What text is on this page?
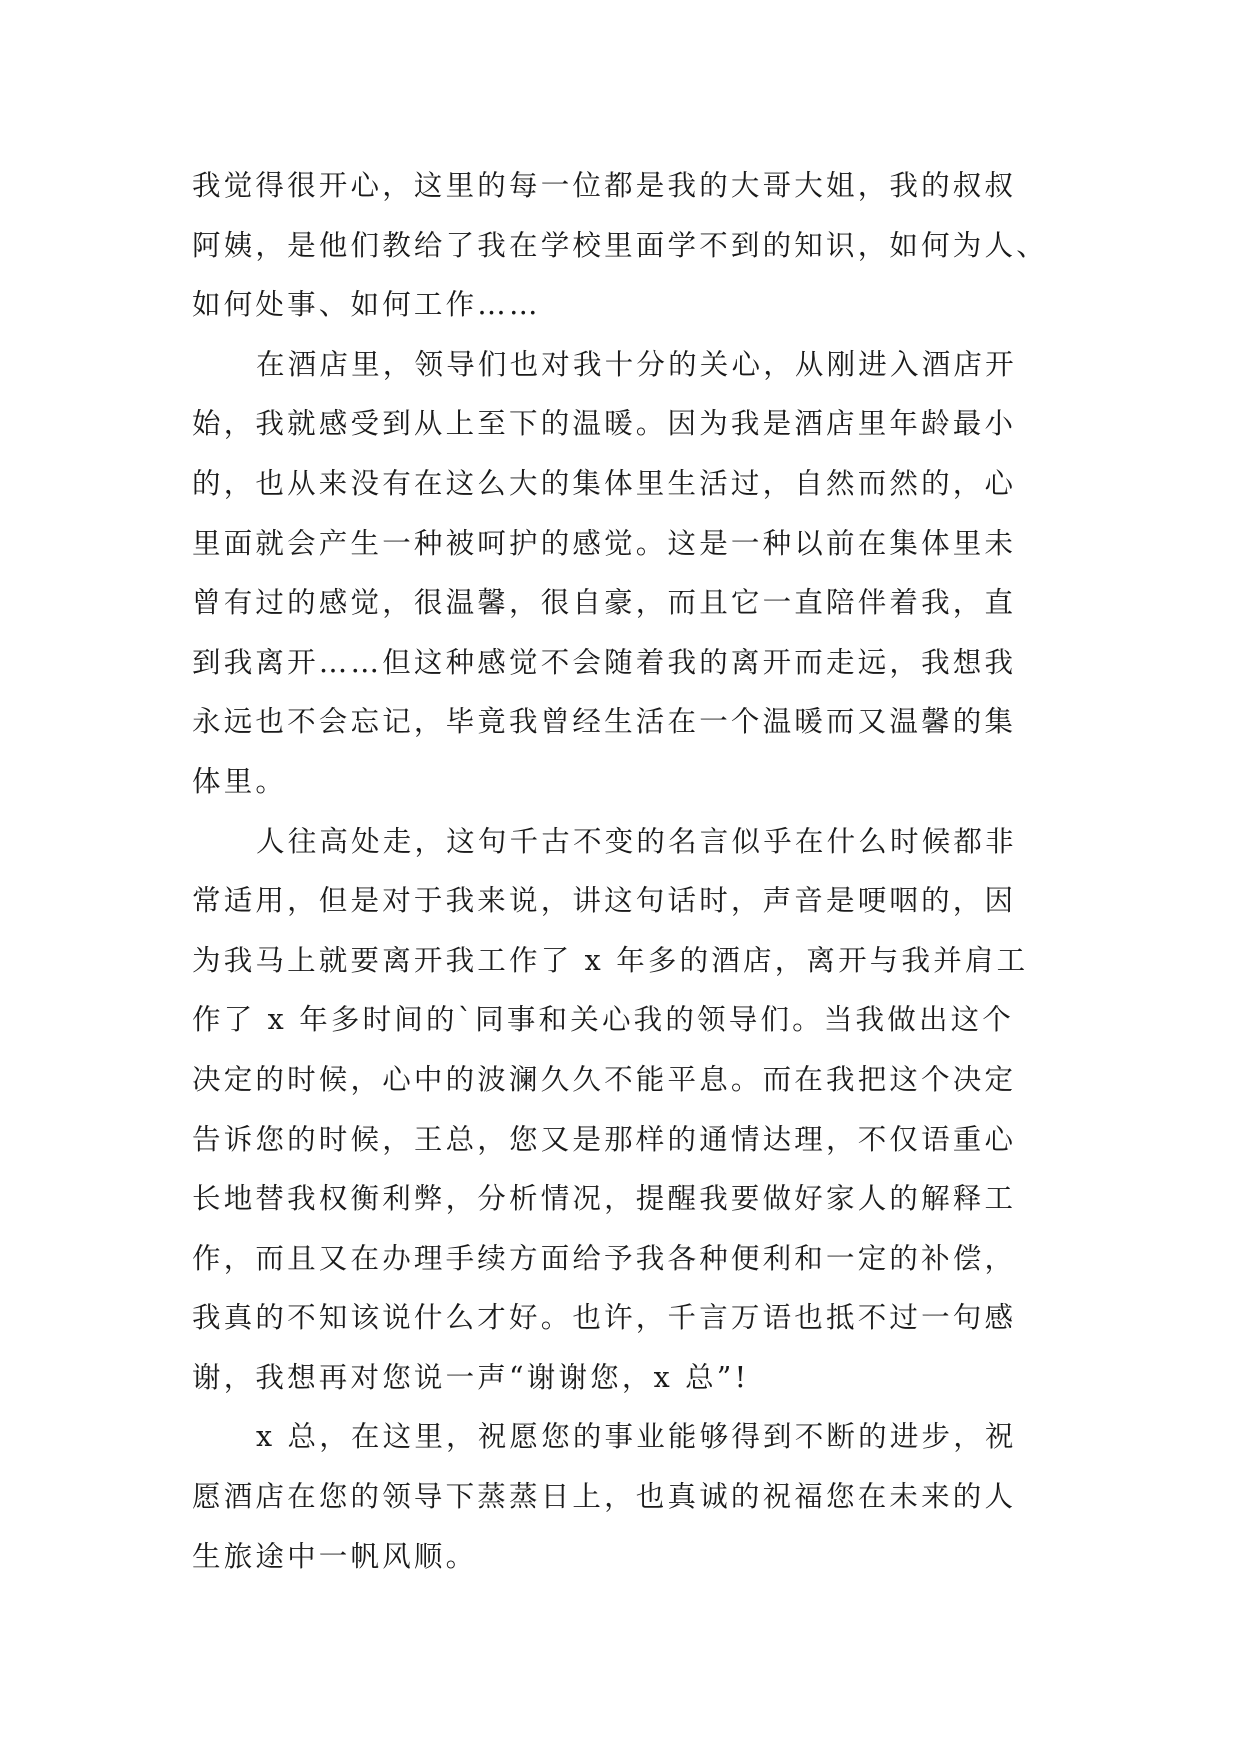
我觉得很开心，这里的每一位都是我的大哥大姐，我的叔叔
阿姨，是他们教给了我在学校里面学不到的知识，如何为人、
如何处事、如何工作……
在酒店里，领导们也对我十分的关心，从刚进入酒店开
始，我就感受到从上至下的温暖。因为我是酒店里年龄最小
的，也从来没有在这么大的集体里生活过，自然而然的，心
里面就会产生一种被呵护的感觉。这是一种以前在集体里未
曾有过的感觉，很温馨，很自豪，而且它一直陪伴着我，直
到我离开……但这种感觉不会随着我的离开而走远，我想我
永远也不会忘记，毕竟我曾经生活在一个温暖而又温馨的集
体里。
人往高处走，这句千古不变的名言似乎在什么时候都非
常适用，但是对于我来说，讲这句话时，声音是哽咽的，因
为我马上就要离开我工作了 x 年多的酒店，离开与我并肩工
作了 x 年多时间的`同事和关心我的领导们。当我做出这个
决定的时候，心中的波澜久久不能平息。而在我把这个决定
告诉您的时候，王总，您又是那样的通情达理，不仅语重心
长地替我权衡利弊，分析情况，提醒我要做好家人的解释工
作，而且又在办理手续方面给予我各种便利和一定的补偿，
我真的不知该说什么才好。也许，千言万语也抵不过一句感
谢，我想再对您说一声“谢谢您，x 总”!
x 总，在这里，祝愿您的事业能够得到不断的进步，祝
愿酒店在您的领导下蒸蒸日上，也真诚的祝福您在未来的人
生旅途中一帆风顺。
